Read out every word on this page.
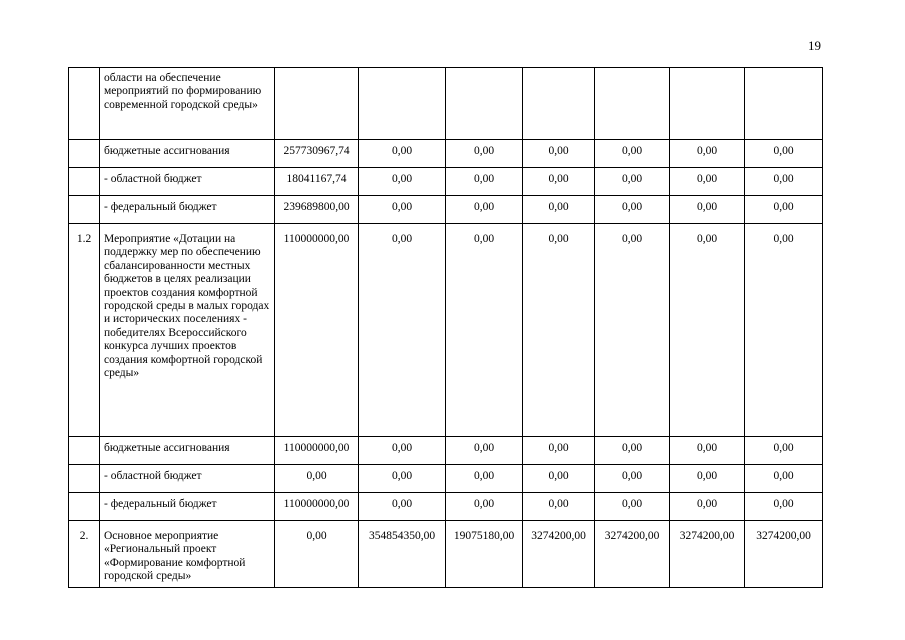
19
	области на обеспечение мероприятий по формированию современной городской среды»							
	бюджетные ассигнования	257730967,74	0,00	0,00	0,00	0,00	0,00	0,00
	- областной бюджет	18041167,74	0,00	0,00	0,00	0,00	0,00	0,00
	- федеральный бюджет	239689800,00	0,00	0,00	0,00	0,00	0,00	0,00
1.2	Мероприятие «Дотации на поддержку мер по обеспечению сбалансированности местных бюджетов в целях реализации проектов создания комфортной городской среды в малых городах и исторических поселениях - победителях Всероссийского конкурса лучших проектов создания комфортной городской среды»	110000000,00	0,00	0,00	0,00	0,00	0,00	0,00
	бюджетные ассигнования	110000000,00	0,00	0,00	0,00	0,00	0,00	0,00
	- областной бюджет	0,00	0,00	0,00	0,00	0,00	0,00	0,00
	- федеральный бюджет	110000000,00	0,00	0,00	0,00	0,00	0,00	0,00
2.	Основное мероприятие «Региональный проект «Формирование комфортной городской среды»	0,00	354854350,00	19075180,00	3274200,00	3274200,00	3274200,00	3274200,00
